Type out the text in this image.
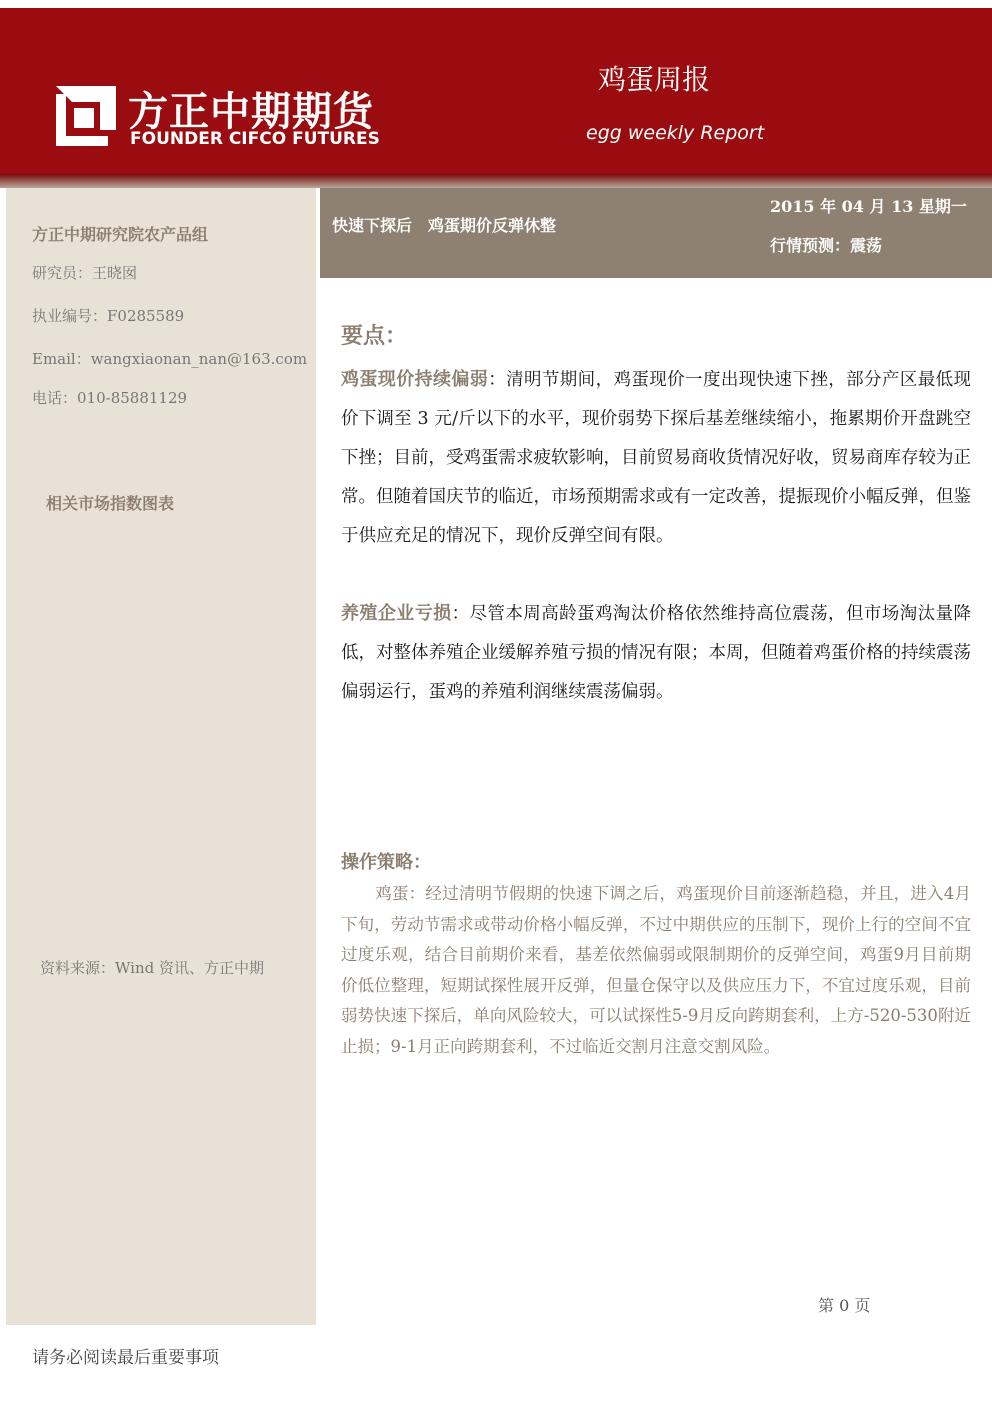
方正中期期货
FOUNDER CIFCO FUTURES
鸡蛋周报
egg weekly Report
方正中期研究院农产品组
研究员：王晓囡
执业编号：F0285589
Email：wangxiaonan_nan@163.com
电话：010-85881129
相关市场指数图表
资料来源：Wind 资讯、方正中期
快速下探后　鸡蛋期价反弹休整
2015 年 04 月 13 星期一
行情预测：震荡
要点：
鸡蛋现价持续偏弱：清明节期间，鸡蛋现价一度出现快速下挫，部分产区最低现价下调至 3 元/斤以下的水平，现价弱势下探后基差继续缩小，拖累期价开盘跳空下挫；目前，受鸡蛋需求疲软影响，目前贸易商收货情况好收，贸易商库存较为正常。但随着国庆节的临近，市场预期需求或有一定改善，提振现价小幅反弹，但鉴于供应充足的情况下，现价反弹空间有限。
养殖企业亏损：尽管本周高龄蛋鸡淘汰价格依然维持高位震荡，但市场淘汰量降低，对整体养殖企业缓解养殖亏损的情况有限；本周，但随着鸡蛋价格的持续震荡偏弱运行，蛋鸡的养殖利润继续震荡偏弱。
操作策略：
鸡蛋：经过清明节假期的快速下调之后，鸡蛋现价目前逐渐趋稳，并且，进入4月下旬，劳动节需求或带动价格小幅反弹，不过中期供应的压制下，现价上行的空间不宜过度乐观，结合目前期价来看，基差依然偏弱或限制期价的反弹空间，鸡蛋9月目前期价低位整理，短期试探性展开反弹，但量仓保守以及供应压力下，不宜过度乐观，目前弱势快速下探后，单向风险较大，可以试探性5-9月反向跨期套利，上方-520-530附近止损；9-1月正向跨期套利，不过临近交割月注意交割风险。
第 0 页
请务必阅读最后重要事项
